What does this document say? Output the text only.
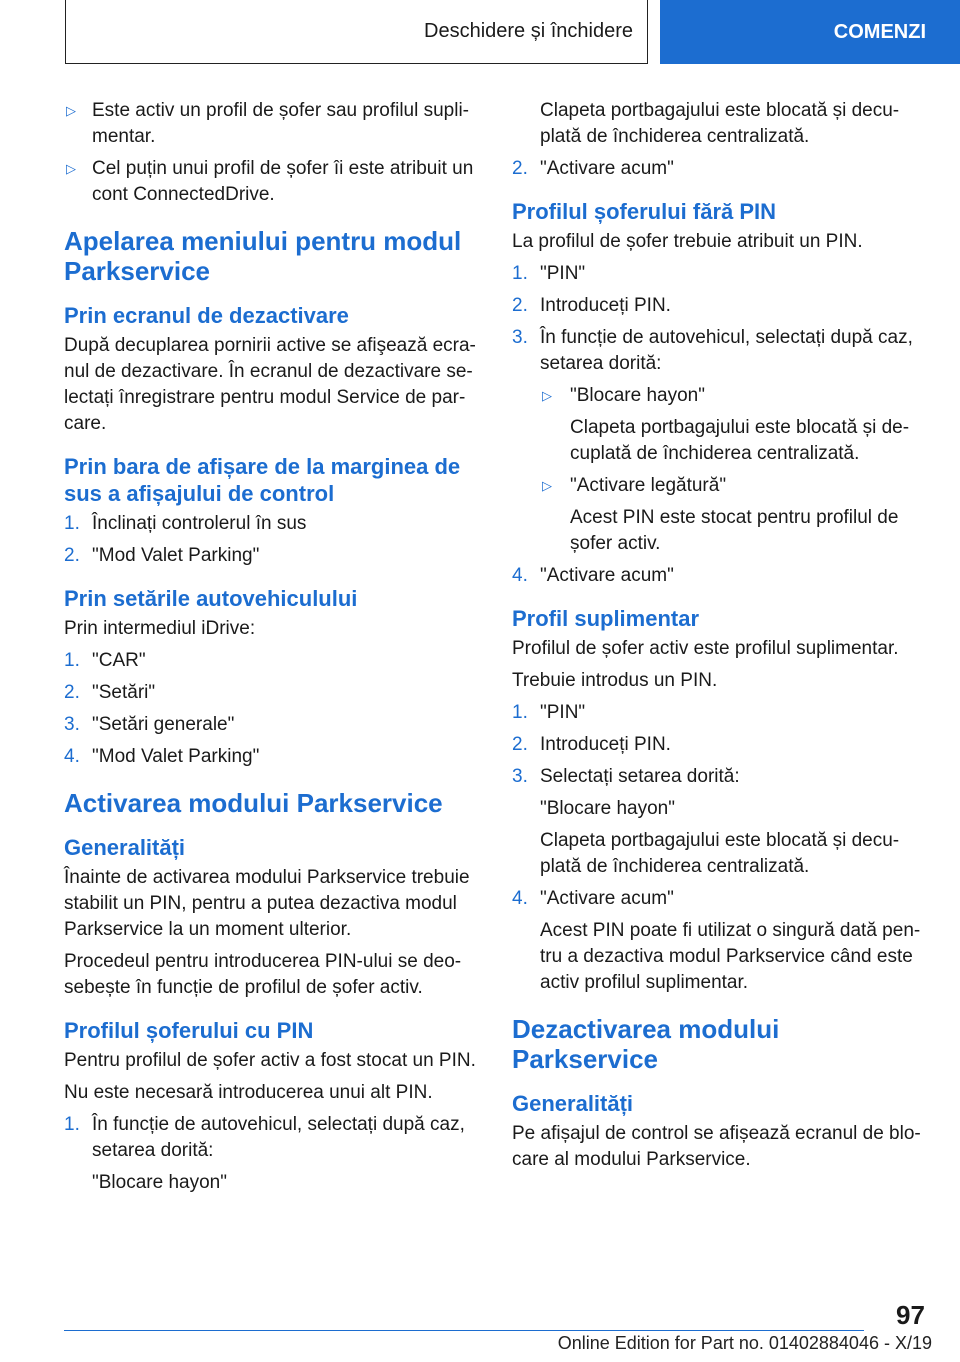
Deschidere și închidere	COMENZI
▷ Este activ un profil de șofer sau profilul supli-mentar.
▷ Cel puțin unui profil de șofer îi este atribuit un cont ConnectedDrive.
Apelarea meniului pentru modul Parkservice
Prin ecranul de dezactivare

După decuplarea pornirii active se afişează ecra-nul de dezactivare. În ecranul de dezactivare se-lectați înregistrare pentru modul Service de par-care.

Prin bara de afișare de la marginea de sus a afișajului de control
1. Înclinați controlerul în sus
2. "Mod Valet Parking"
Prin setările autovehiculului

Prin intermediul iDrive:

1. "CAR"
2. "Setări"
3. "Setări generale"
4. "Mod Valet Parking"
Activarea modului Parkservice
Generalități

Înainte de activarea modului Parkservice trebuie stabilit un PIN, pentru a putea dezactiva modul Parkservice la un moment ulterior.

Procedeul pentru introducerea PIN-ului se deo-sebește în funcție de profilul de șofer activ.

Profilul șoferului cu PIN

Pentru profilul de șofer activ a fost stocat un PIN.

Nu este necesară introducerea unui alt PIN.

1. În funcție de autovehicul, selectați după caz, setarea dorită:
"Blocare hayon"
Clapeta portbagajului este blocată și decu-plată de închiderea centralizată.
2. "Activare acum"
Profilul șoferului fără PIN

La profilul de șofer trebuie atribuit un PIN.

1. "PIN"
2. Introduceți PIN.
3. În funcție de autovehicul, selectați după caz, setarea dorită:
▷ "Blocare hayon"
Clapeta portbagajului este blocată și de-cuplată de închiderea centralizată.
▷ "Activare legătură"
Acest PIN este stocat pentru profilul de șofer activ.
4. "Activare acum"
Profil suplimentar

Profilul de șofer activ este profilul suplimentar.

Trebuie introdus un PIN.

1. "PIN"
2. Introduceți PIN.
3. Selectați setarea dorită:
"Blocare hayon"
Clapeta portbagajului este blocată și decu-plată de închiderea centralizată.
4. "Activare acum"
Acest PIN poate fi utilizat o singură dată pen-tru a dezactiva modul Parkservice când este activ profilul suplimentar.
Dezactivarea modului Parkservice
Generalități

Pe afișajul de control se afișează ecranul de blo-care al modului Parkservice.

97
Online Edition for Part no. 01402884046 - X/19
